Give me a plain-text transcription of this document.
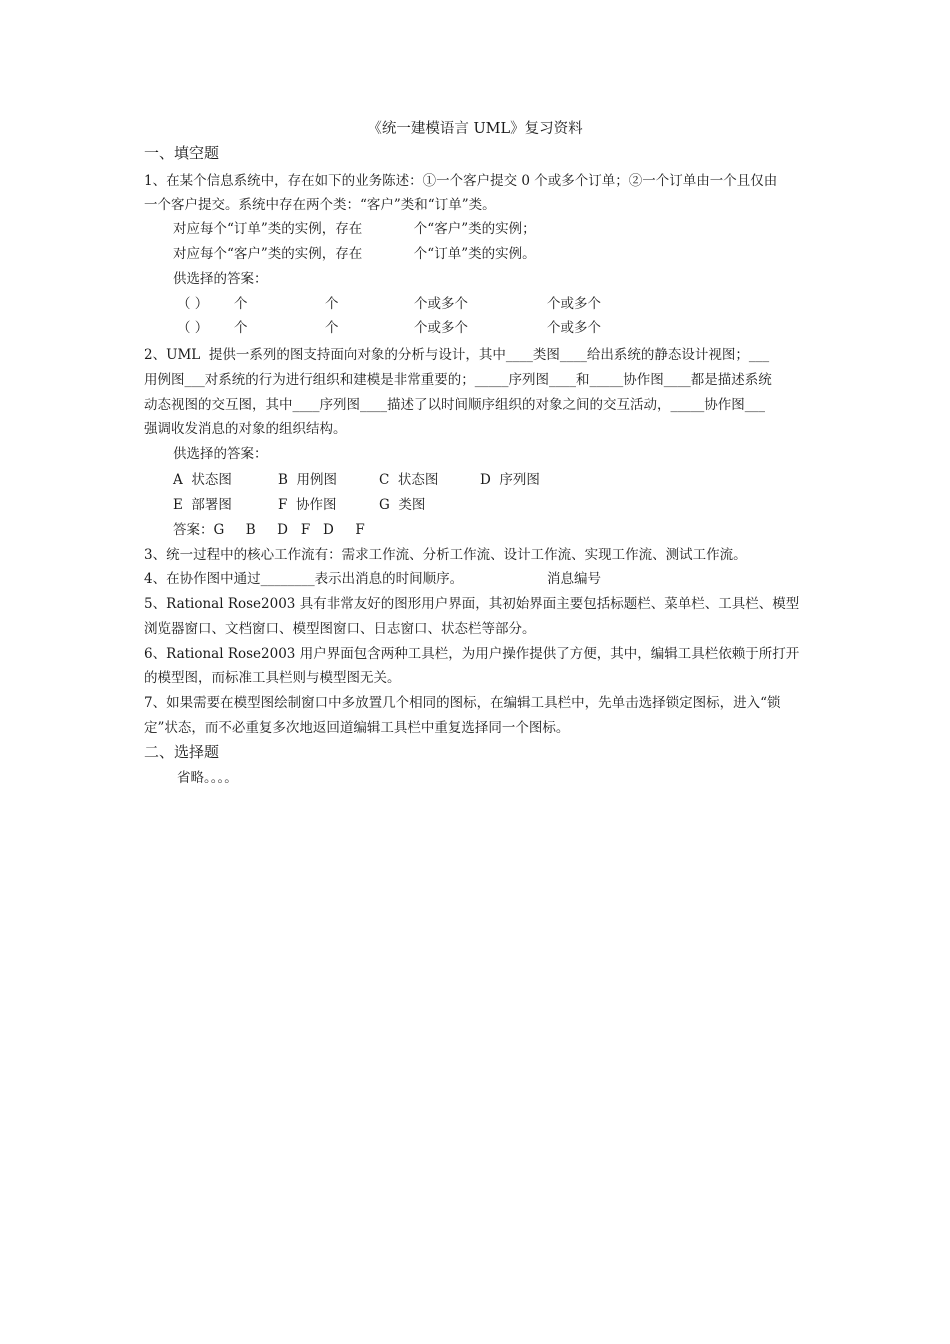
《统一建模语言 UML》复习资料
一、填空题
1、在某个信息系统中，存在如下的业务陈述：①一个客户提交 0 个或多个订单；②一个订单由一个且仅由
一个客户提交。系统中存在两个类：“客户”类和“订单”类。
对应每个“订单”类的实例，存在            个“客户”类的实例；
对应每个“客户”类的实例，存在            个“订单”类的实例。
供选择的答案：
（ ） 个	个	个或多个	个或多个
（ ） 个	个	个或多个	个或多个
2、UML  提供一系列的图支持面向对象的分析与设计，其中____类图____给出系统的静态设计视图；___
用例图___对系统的行为进行组织和建模是非常重要的；_____序列图____和_____协作图____都是描述系统
动态视图的交互图，其中____序列图____描述了以时间顺序组织的对象之间的交互活动，_____协作图___
强调收发消息的对象的组织结构。
供选择的答案：
A  状态图	B  用例图	C  状态图	D  序列图
E  部署图	F  协作图	G  类图
答案：G     B     D   F   D     F
3、统一过程中的核心工作流有：需求工作流、分析工作流、设计工作流、实现工作流、测试工作流。
4、在协作图中通过________表示出消息的时间顺序。	消息编号
5、Rational Rose2003 具有非常友好的图形用户界面，其初始界面主要包括标题栏、菜单栏、工具栏、模型
浏览器窗口、文档窗口、模型图窗口、日志窗口、状态栏等部分。
6、Rational Rose2003 用户界面包含两种工具栏，为用户操作提供了方便，其中，编辑工具栏依赖于所打开
的模型图，而标准工具栏则与模型图无关。
7、如果需要在模型图绘制窗口中多放置几个相同的图标，在编辑工具栏中，先单击选择锁定图标，进入“锁
定”状态，而不必重复多次地返回道编辑工具栏中重复选择同一个图标。
二、选择题
省略。。。。
